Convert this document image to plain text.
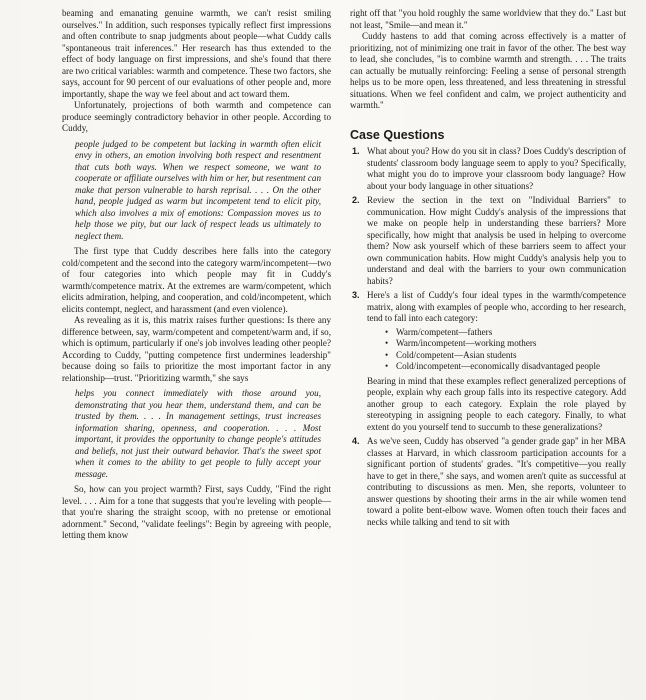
beaming and emanating genuine warmth, we can't resist smiling ourselves." In addition, such responses typically reflect first impressions and often contribute to snap judgments about people—what Cuddy calls "spontaneous trait inferences." Her research has thus extended to the effect of body language on first impressions, and she's found that there are two critical variables: warmth and competence. These two factors, she says, account for 90 percent of our evaluations of other people and, more importantly, shape the way we feel about and act toward them.

Unfortunately, projections of both warmth and competence can produce seemingly contradictory behavior in other people. According to Cuddy,

people judged to be competent but lacking in warmth often elicit envy in others, an emotion involving both respect and resentment that cuts both ways. When we respect someone, we want to cooperate or affiliate ourselves with him or her, but resentment can make that person vulnerable to harsh reprisal. . . . On the other hand, people judged as warm but incompetent tend to elicit pity, which also involves a mix of emotions: Compassion moves us to help those we pity, but our lack of respect leads us ultimately to neglect them.

The first type that Cuddy describes here falls into the category cold/competent and the second into the category warm/incompetent—two of four categories into which people may fit in Cuddy's warmth/competence matrix. At the extremes are warm/competent, which elicits admiration, helping, and cooperation, and cold/incompetent, which elicits contempt, neglect, and harassment (and even violence).

As revealing as it is, this matrix raises further questions: Is there any difference between, say, warm/competent and competent/warm and, if so, which is optimum, particularly if one's job involves leading other people? According to Cuddy, "putting competence first undermines leadership" because doing so fails to prioritize the most important factor in any relationship—trust. "Prioritizing warmth," she says

helps you connect immediately with those around you, demonstrating that you hear them, understand them, and can be trusted by them. . . . In management settings, trust increases information sharing, openness, and cooperation. . . . Most important, it provides the opportunity to change people's attitudes and beliefs, not just their outward behavior. That's the sweet spot when it comes to the ability to get people to fully accept your message.

So, how can you project warmth? First, says Cuddy, "Find the right level. . . . Aim for a tone that suggests that you're leveling with people—that you're sharing the straight scoop, with no pretense or emotional adornment." Second, "validate feelings": Begin by agreeing with people, letting them know

right off that "you hold roughly the same worldview that they do." Last but not least, "Smile—and mean it."

Cuddy hastens to add that coming across effectively is a matter of prioritizing, not of minimizing one trait in favor of the other. The best way to lead, she concludes, "is to combine warmth and strength. . . . The traits can actually be mutually reinforcing: Feeling a sense of personal strength helps us to be more open, less threatened, and less threatening in stressful situations. When we feel confident and calm, we project authenticity and warmth."

Case Questions
1. What about you? How do you sit in class? Does Cuddy's description of students' classroom body language seem to apply to you? Specifically, what might you do to improve your classroom body language? How about your body language in other situations?
2. Review the section in the text on "Individual Barriers" to communication. How might Cuddy's analysis of the impressions that we make on people help in understanding these barriers? More specifically, how might that analysis be used in helping to overcome them? Now ask yourself which of these barriers seem to affect your own communication habits. How might Cuddy's analysis help you to understand and deal with the barriers to your own communication habits?
3. Here's a list of Cuddy's four ideal types in the warmth/competence matrix, along with examples of people who, according to her research, tend to fall into each category:
• Warm/competent—fathers
• Warm/incompetent—working mothers
• Cold/competent—Asian students
• Cold/incompetent—economically disadvantaged people
Bearing in mind that these examples reflect generalized perceptions of people, explain why each group falls into its respective category. Add another group to each category. Explain the role played by stereotyping in assigning people to each category. Finally, to what extent do you yourself tend to succumb to these generalizations?
4. As we've seen, Cuddy has observed "a gender grade gap" in her MBA classes at Harvard, in which classroom participation accounts for a significant portion of students' grades. "It's competitive—you really have to get in there," she says, and women aren't quite as successful at contributing to discussions as men. Men, she reports, volunteer to answer questions by shooting their arms in the air while women tend toward a polite bent-elbow wave. Women often touch their faces and necks while talking and tend to sit with
